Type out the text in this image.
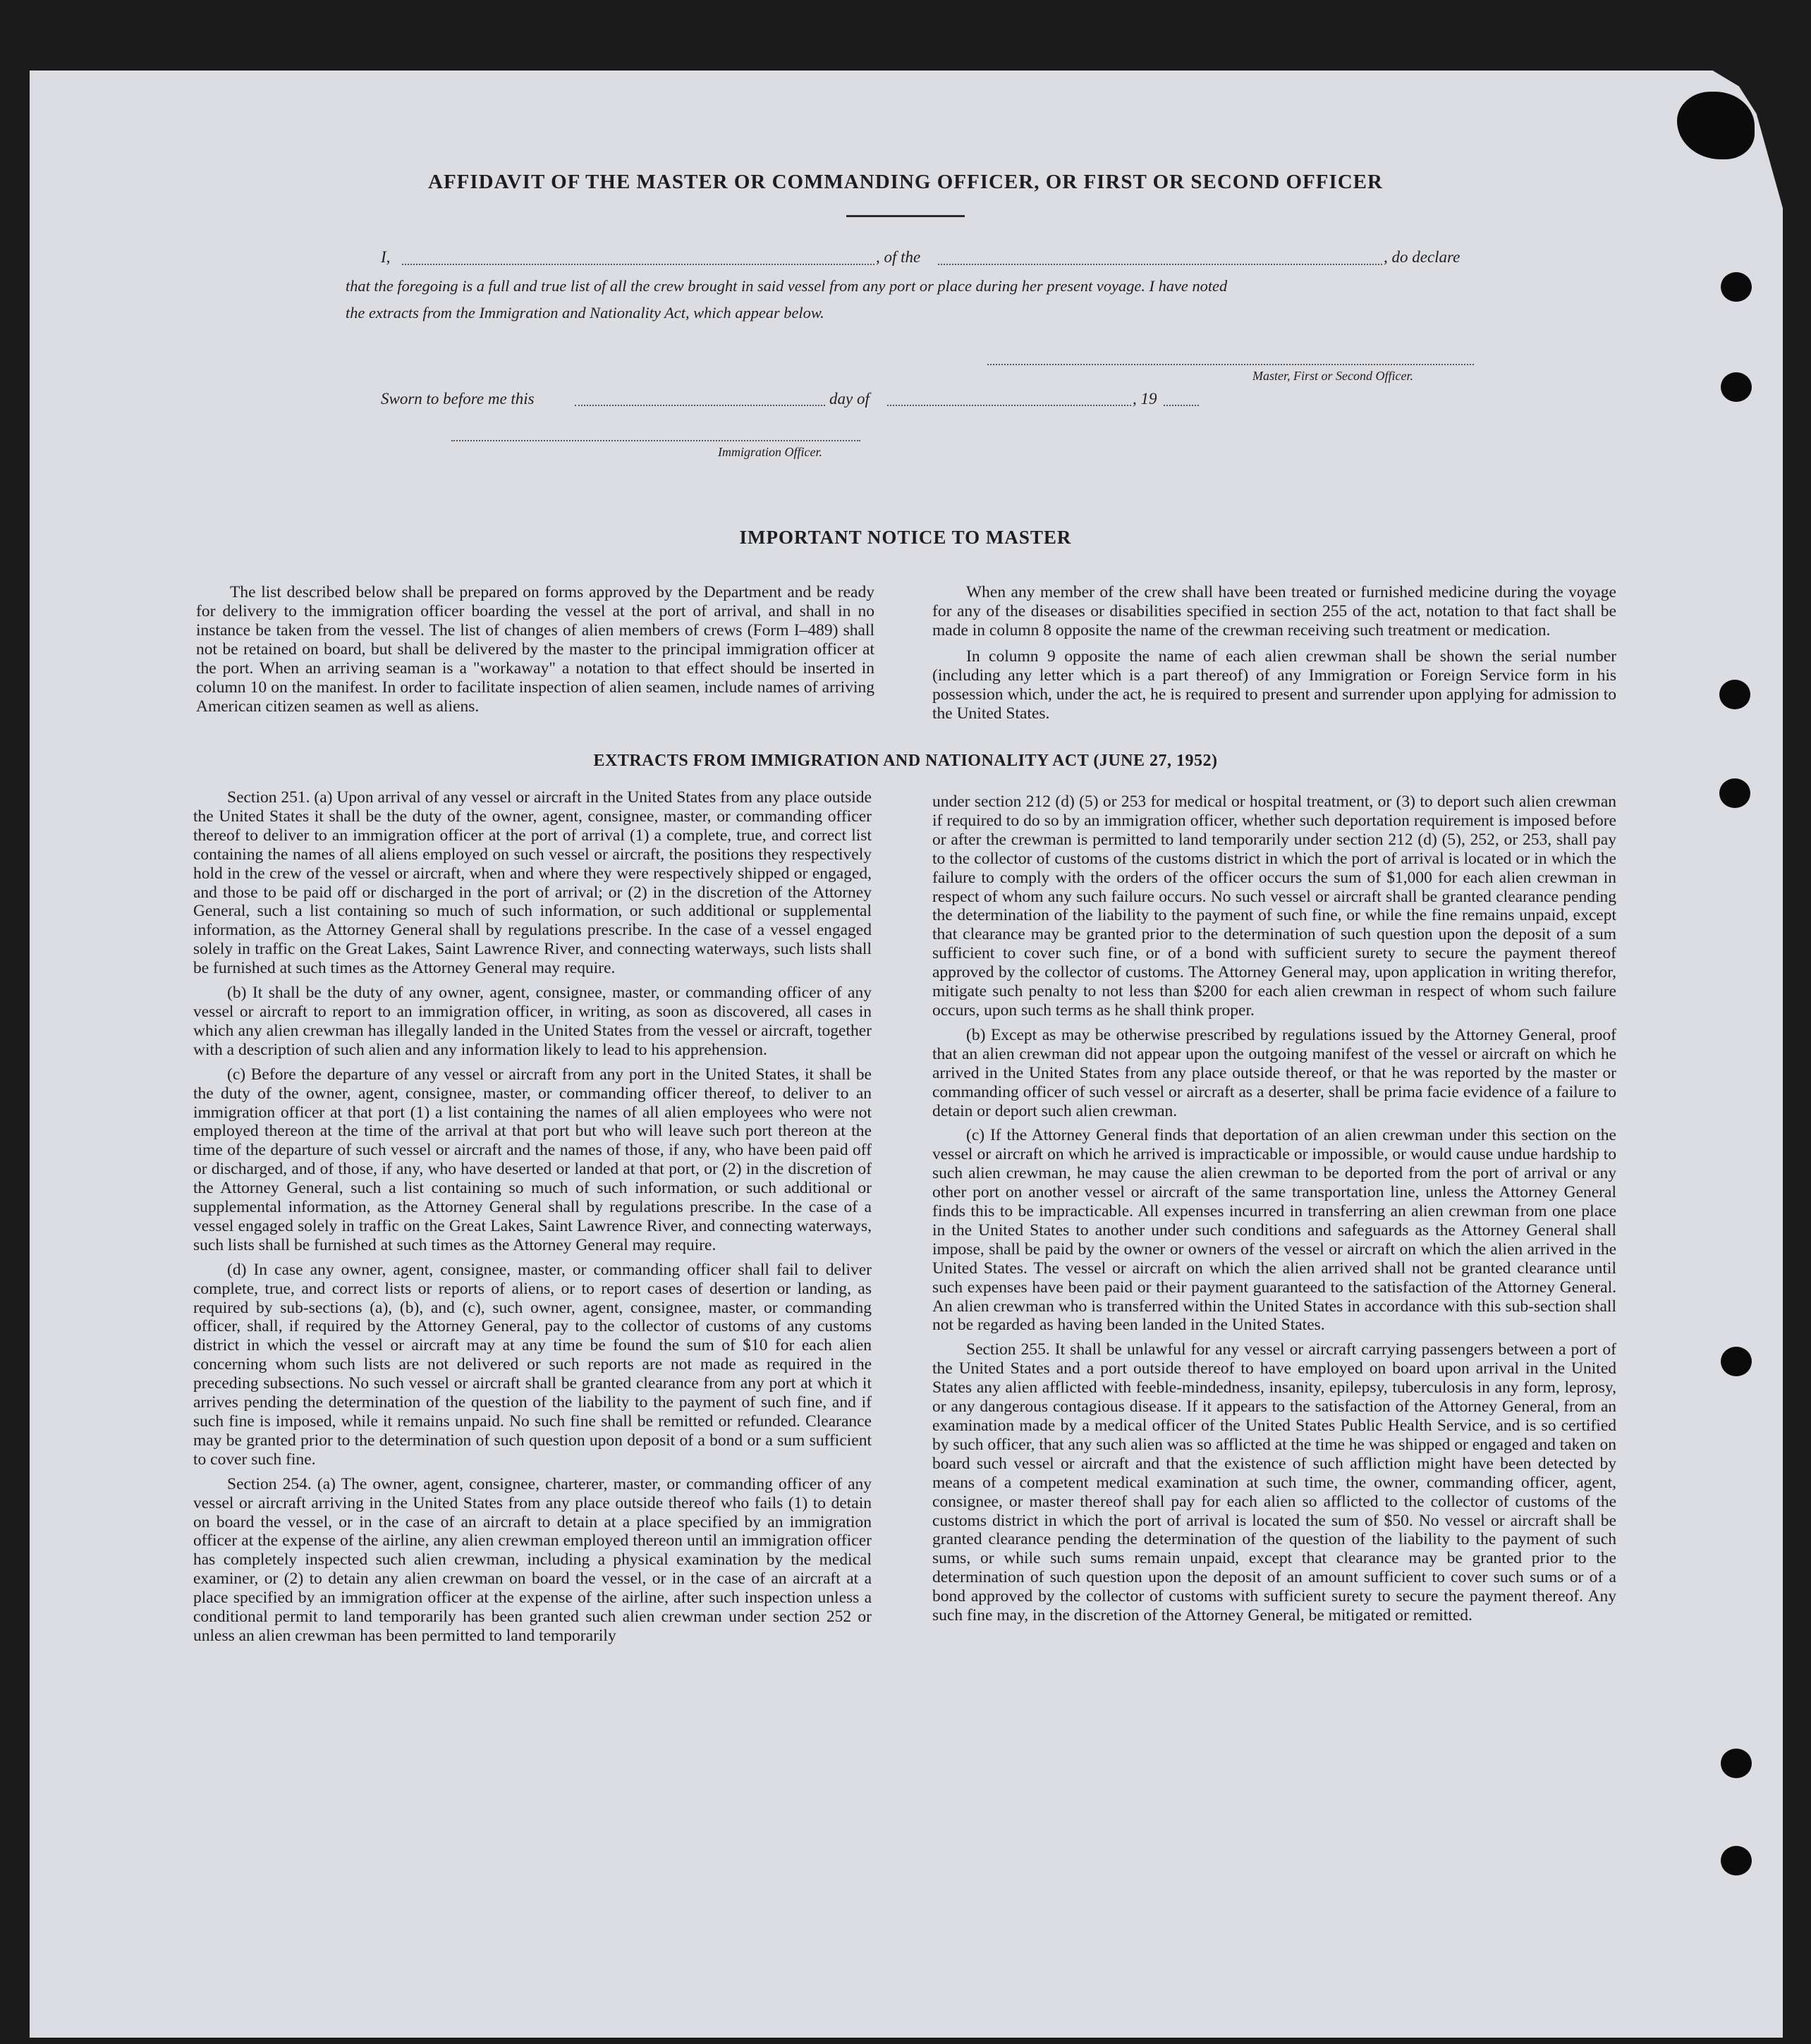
AFFIDAVIT OF THE MASTER OR COMMANDING OFFICER, OR FIRST OR SECOND OFFICER
I,	, of the	, do declare
that the foregoing is a full and true list of all the crew brought in said vessel from any port or place during her present voyage. I have noted
the extracts from the Immigration and Nationality Act, which appear below.
Master, First or Second Officer.
Sworn to before me this	day of	, 19
Immigration Officer.
IMPORTANT NOTICE TO MASTER

The list described below shall be prepared on forms approved by the Department and be ready for delivery to the immigration officer boarding the vessel at the port of arrival, and shall in no instance be taken from the vessel. The list of changes of alien members of crews (Form I–489) shall not be retained on board, but shall be delivered by the master to the principal immigration officer at the port. When an arriving seaman is a "workaway" a notation to that effect should be inserted in column 10 on the manifest. In order to facilitate inspection of alien seamen, include names of arriving American citizen seamen as well as aliens.

When any member of the crew shall have been treated or furnished medicine during the voyage for any of the diseases or disabilities specified in section 255 of the act, notation to that fact shall be made in column 8 opposite the name of the crewman receiving such treatment or medication.

In column 9 opposite the name of each alien crewman shall be shown the serial number (including any letter which is a part thereof) of any Immigration or Foreign Service form in his possession which, under the act, he is required to present and surrender upon applying for admission to the United States.

EXTRACTS FROM IMMIGRATION AND NATIONALITY ACT (JUNE 27, 1952)

Section 251. (a) Upon arrival of any vessel or aircraft in the United States from any place outside the United States it shall be the duty of the owner, agent, consignee, master, or commanding officer thereof to deliver to an immigration officer at the port of arrival (1) a complete, true, and correct list containing the names of all aliens employed on such vessel or aircraft, the positions they respectively hold in the crew of the vessel or aircraft, when and where they were respectively shipped or engaged, and those to be paid off or discharged in the port of arrival; or (2) in the discretion of the Attorney General, such a list containing so much of such information, or such additional or supplemental information, as the Attorney General shall by regulations prescribe. In the case of a vessel engaged solely in traffic on the Great Lakes, Saint Lawrence River, and connecting waterways, such lists shall be furnished at such times as the Attorney General may require.

(b) It shall be the duty of any owner, agent, consignee, master, or commanding officer of any vessel or aircraft to report to an immigration officer, in writing, as soon as discovered, all cases in which any alien crewman has illegally landed in the United States from the vessel or aircraft, together with a description of such alien and any information likely to lead to his apprehension.

(c) Before the departure of any vessel or aircraft from any port in the United States, it shall be the duty of the owner, agent, consignee, master, or commanding officer thereof, to deliver to an immigration officer at that port (1) a list containing the names of all alien employees who were not employed thereon at the time of the arrival at that port but who will leave such port thereon at the time of the departure of such vessel or aircraft and the names of those, if any, who have been paid off or discharged, and of those, if any, who have deserted or landed at that port, or (2) in the discretion of the Attorney General, such a list containing so much of such information, or such additional or supplemental information, as the Attorney General shall by regulations prescribe. In the case of a vessel engaged solely in traffic on the Great Lakes, Saint Lawrence River, and connecting waterways, such lists shall be furnished at such times as the Attorney General may require.

(d) In case any owner, agent, consignee, master, or commanding officer shall fail to deliver complete, true, and correct lists or reports of aliens, or to report cases of desertion or landing, as required by sub-sections (a), (b), and (c), such owner, agent, consignee, master, or commanding officer, shall, if required by the Attorney General, pay to the collector of customs of any customs district in which the vessel or aircraft may at any time be found the sum of $10 for each alien concerning whom such lists are not delivered or such reports are not made as required in the preceding subsections. No such vessel or aircraft shall be granted clearance from any port at which it arrives pending the determination of the question of the liability to the payment of such fine, and if such fine is imposed, while it remains unpaid. No such fine shall be remitted or refunded. Clearance may be granted prior to the determination of such question upon deposit of a bond or a sum sufficient to cover such fine.

Section 254. (a) The owner, agent, consignee, charterer, master, or commanding officer of any vessel or aircraft arriving in the United States from any place outside thereof who fails (1) to detain on board the vessel, or in the case of an aircraft to detain at a place specified by an immigration officer at the expense of the airline, any alien crewman employed thereon until an immigration officer has completely inspected such alien crewman, including a physical examination by the medical examiner, or (2) to detain any alien crewman on board the vessel, or in the case of an aircraft at a place specified by an immigration officer at the expense of the airline, after such inspection unless a conditional permit to land temporarily has been granted such alien crewman under section 252 or unless an alien crewman has been permitted to land temporarily

under section 212 (d) (5) or 253 for medical or hospital treatment, or (3) to deport such alien crewman if required to do so by an immigration officer, whether such deportation requirement is imposed before or after the crewman is permitted to land temporarily under section 212 (d) (5), 252, or 253, shall pay to the collector of customs of the customs district in which the port of arrival is located or in which the failure to comply with the orders of the officer occurs the sum of $1,000 for each alien crewman in respect of whom any such failure occurs. No such vessel or aircraft shall be granted clearance pending the determination of the liability to the payment of such fine, or while the fine remains unpaid, except that clearance may be granted prior to the determination of such question upon the deposit of a sum sufficient to cover such fine, or of a bond with sufficient surety to secure the payment thereof approved by the collector of customs. The Attorney General may, upon application in writing therefor, mitigate such penalty to not less than $200 for each alien crewman in respect of whom such failure occurs, upon such terms as he shall think proper.

(b) Except as may be otherwise prescribed by regulations issued by the Attorney General, proof that an alien crewman did not appear upon the outgoing manifest of the vessel or aircraft on which he arrived in the United States from any place outside thereof, or that he was reported by the master or commanding officer of such vessel or aircraft as a deserter, shall be prima facie evidence of a failure to detain or deport such alien crewman.

(c) If the Attorney General finds that deportation of an alien crewman under this section on the vessel or aircraft on which he arrived is impracticable or impossible, or would cause undue hardship to such alien crewman, he may cause the alien crewman to be deported from the port of arrival or any other port on another vessel or aircraft of the same transportation line, unless the Attorney General finds this to be impracticable. All expenses incurred in transferring an alien crewman from one place in the United States to another under such conditions and safeguards as the Attorney General shall impose, shall be paid by the owner or owners of the vessel or aircraft on which the alien arrived in the United States. The vessel or aircraft on which the alien arrived shall not be granted clearance until such expenses have been paid or their payment guaranteed to the satisfaction of the Attorney General. An alien crewman who is transferred within the United States in accordance with this sub-section shall not be regarded as having been landed in the United States.

Section 255. It shall be unlawful for any vessel or aircraft carrying passengers between a port of the United States and a port outside thereof to have employed on board upon arrival in the United States any alien afflicted with feeble-mindedness, insanity, epilepsy, tuberculosis in any form, leprosy, or any dangerous contagious disease. If it appears to the satisfaction of the Attorney General, from an examination made by a medical officer of the United States Public Health Service, and is so certified by such officer, that any such alien was so afflicted at the time he was shipped or engaged and taken on board such vessel or aircraft and that the existence of such affliction might have been detected by means of a competent medical examination at such time, the owner, commanding officer, agent, consignee, or master thereof shall pay for each alien so afflicted to the collector of customs of the customs district in which the port of arrival is located the sum of $50. No vessel or aircraft shall be granted clearance pending the determination of the question of the liability to the payment of such sums, or while such sums remain unpaid, except that clearance may be granted prior to the determination of such question upon the deposit of an amount sufficient to cover such sums or of a bond approved by the collector of customs with sufficient surety to secure the payment thereof. Any such fine may, in the discretion of the Attorney General, be mitigated or remitted.
